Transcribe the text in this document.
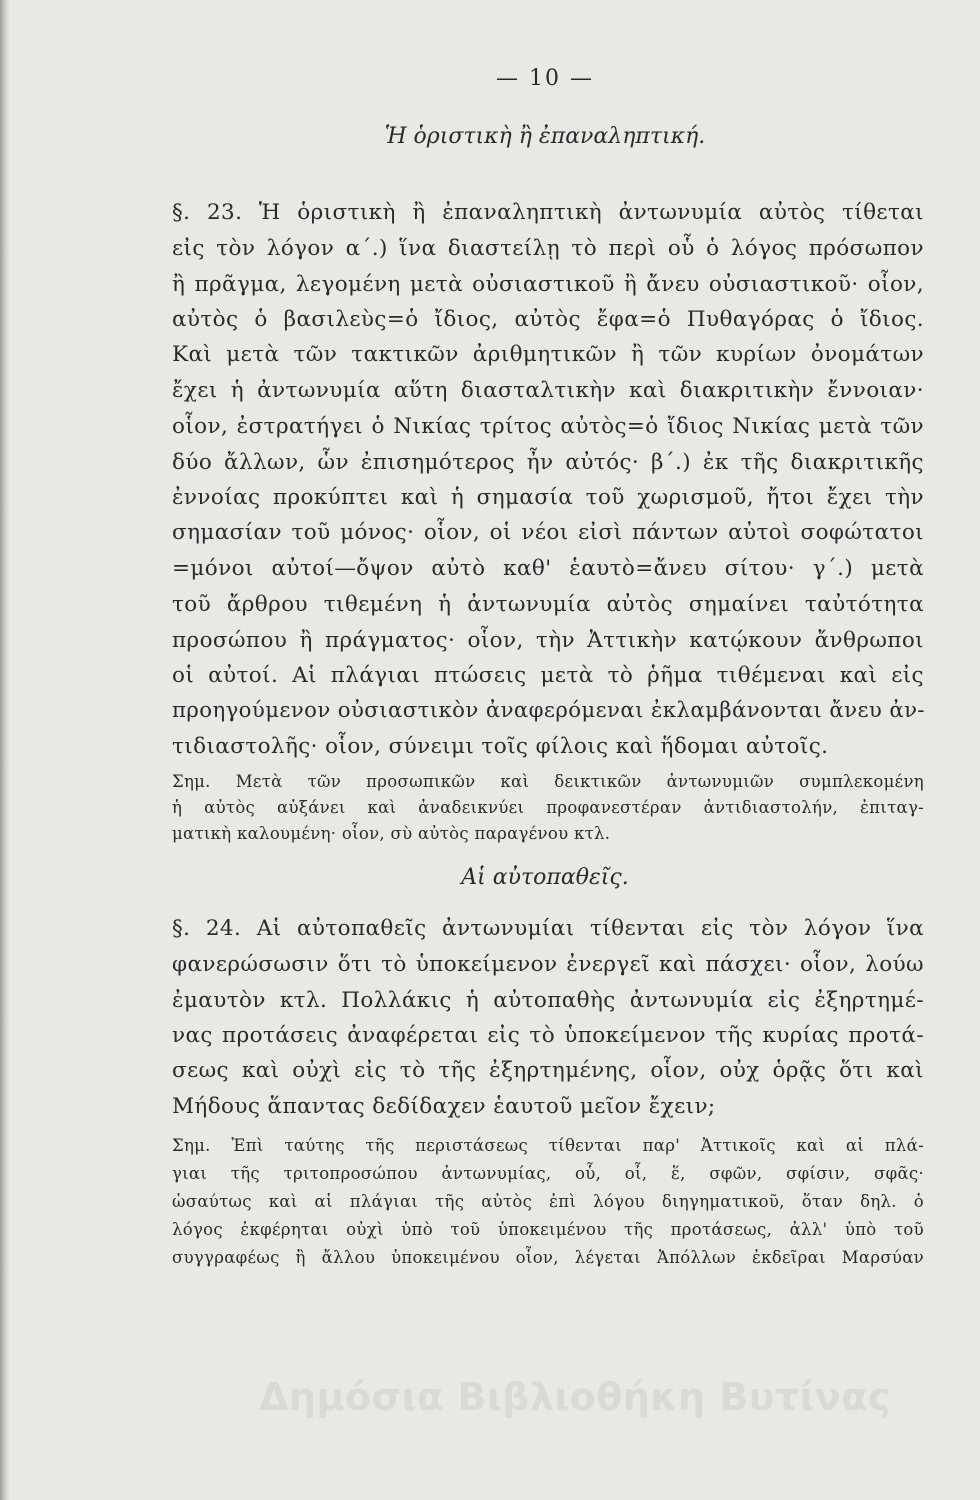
— 10 —
Ἡ ὁριστικὴ ἢ ἐπαναληπτική.
§. 23. Ἡ ὁριστικὴ ἢ ἐπαναληπτικὴ ἀντωνυμία αὐτὸς τίθεται
εἰς τὸν λόγον α΄.) ἵνα διαστείλῃ τὸ περὶ οὗ ὁ λόγος πρόσωπον
ἢ πρᾶγμα, λεγομένη μετὰ οὐσιαστικοῦ ἢ ἄνευ οὐσιαστικοῦ· οἷον,
αὐτὸς ὁ βασιλεὺς=ὁ ἴδιος, αὐτὸς ἔφα=ὁ Πυθαγόρας ὁ ἴδιος.
Καὶ μετὰ τῶν τακτικῶν ἀριθμητικῶν ἢ τῶν κυρίων ὀνομάτων
ἔχει ἡ ἀντωνυμία αὕτη διασταλτικὴν καὶ διακριτικὴν ἔννοιαν·
οἷον, ἐστρατήγει ὁ Νικίας τρίτος αὐτὸς=ὁ ἴδιος Νικίας μετὰ τῶν
δύο ἄλλων, ὧν ἐπισημότερος ἦν αὐτός· β΄.) ἐκ τῆς διακριτικῆς
ἐννοίας προκύπτει καὶ ἡ σημασία τοῦ χωρισμοῦ, ἤτοι ἔχει τὴν
σημασίαν τοῦ μόνος· οἷον, οἱ νέοι εἰσὶ πάντων αὐτοὶ σοφώτατοι
=μόνοι αὐτοί—ὄψον αὐτὸ καθ' ἑαυτὸ=ἄνευ σίτου· γ΄.) μετὰ
τοῦ ἄρθρου τιθεμένη ἡ ἀντωνυμία αὐτὸς σημαίνει ταὐτότητα
προσώπου ἢ πράγματος· οἷον, τὴν Ἀττικὴν κατῴκουν ἄνθρωποι
οἱ αὐτοί. Αἱ πλάγιαι πτώσεις μετὰ τὸ ῥῆμα τιθέμεναι καὶ εἰς
προηγούμενον οὐσιαστικὸν ἀναφερόμεναι ἐκλαμβάνονται ἄνευ ἀν-
τιδιαστολῆς· οἷον, σύνειμι τοῖς φίλοις καὶ ἥδομαι αὐτοῖς.
Σημ. Μετὰ τῶν προσωπικῶν καὶ δεικτικῶν ἀντωνυμιῶν συμπλεκομένη
ἡ αὐτὸς αὐξάνει καὶ ἀναδεικνύει προφανεστέραν ἀντιδιαστολήν, ἐπιταγ-
ματικὴ καλουμένη· οἷον, σὺ αὐτὸς παραγένου κτλ.
Αἱ αὐτοπαθεῖς.
§. 24. Αἱ αὐτοπαθεῖς ἀντωνυμίαι τίθενται εἰς τὸν λόγον ἵνα
φανερώσωσιν ὅτι τὸ ὑποκείμενον ἐνεργεῖ καὶ πάσχει· οἷον, λούω
ἐμαυτὸν κτλ. Πολλάκις ἡ αὐτοπαθὴς ἀντωνυμία εἰς ἐξηρτημέ-
νας προτάσεις ἀναφέρεται εἰς τὸ ὑποκείμενον τῆς κυρίας προτά-
σεως καὶ οὐχὶ εἰς τὸ τῆς ἐξηρτημένης, οἷον, οὐχ ὁρᾷς ὅτι καὶ
Μήδους ἅπαντας δεδίδαχεν ἑαυτοῦ μεῖον ἔχειν;
Σημ. Ἐπὶ ταύτης τῆς περιστάσεως τίθενται παρ' Ἀττικοῖς καὶ αἱ πλά-
γιαι τῆς τριτοπροσώπου ἀντωνυμίας, οὗ, οἷ, ἕ, σφῶν, σφίσιν, σφᾶς·
ὡσαύτως καὶ αἱ πλάγιαι τῆς αὐτὸς ἐπὶ λόγου διηγηματικοῦ, ὅταν δηλ. ὁ
λόγος ἐκφέρηται οὐχὶ ὑπὸ τοῦ ὑποκειμένου τῆς προτάσεως, ἀλλ' ὑπὸ τοῦ
συγγραφέως ἢ ἄλλου ὑποκειμένου οἷον, λέγεται Ἀπόλλων ἐκδεῖραι Μαρσύαν
Δημόσια Βιβλιοθήκη Βυτίνας
